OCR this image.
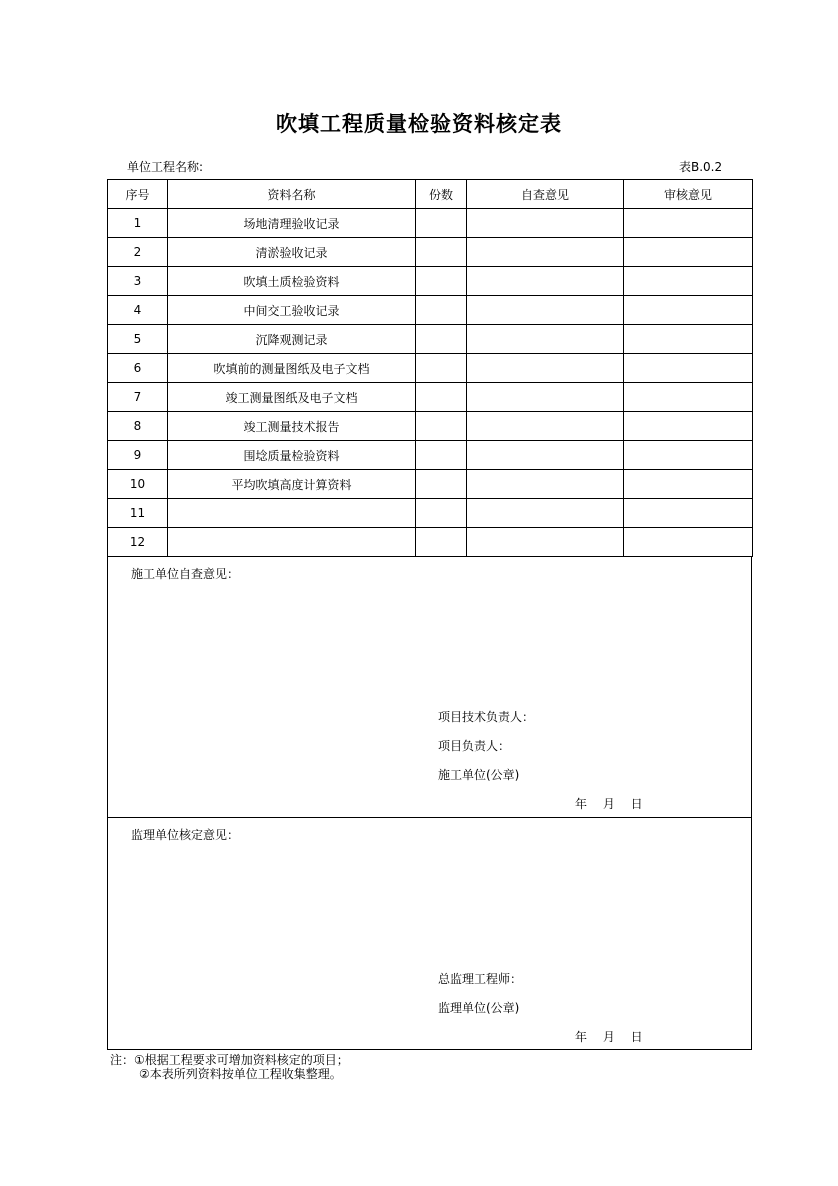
吹填工程质量检验资料核定表
单位工程名称:	表B.0.2
序号	资料名称	份数	自查意见	审核意见
1	场地清理验收记录			
2	清淤验收记录			
3	吹填土质检验资料			
4	中间交工验收记录			
5	沉降观测记录			
6	吹填前的测量图纸及电子文档			
7	竣工测量图纸及电子文档			
8	竣工测量技术报告			
9	围埝质量检验资料			
10	平均吹填高度计算资料			
11				
12				
施工单位自查意见：
项目技术负责人：
项目负责人：
施工单位(公章)
年 月 日
监理单位核定意见：
总监理工程师：
监理单位(公章)
年 月 日
注：①根据工程要求可增加资料核定的项目；
②本表所列资料按单位工程收集整理。
